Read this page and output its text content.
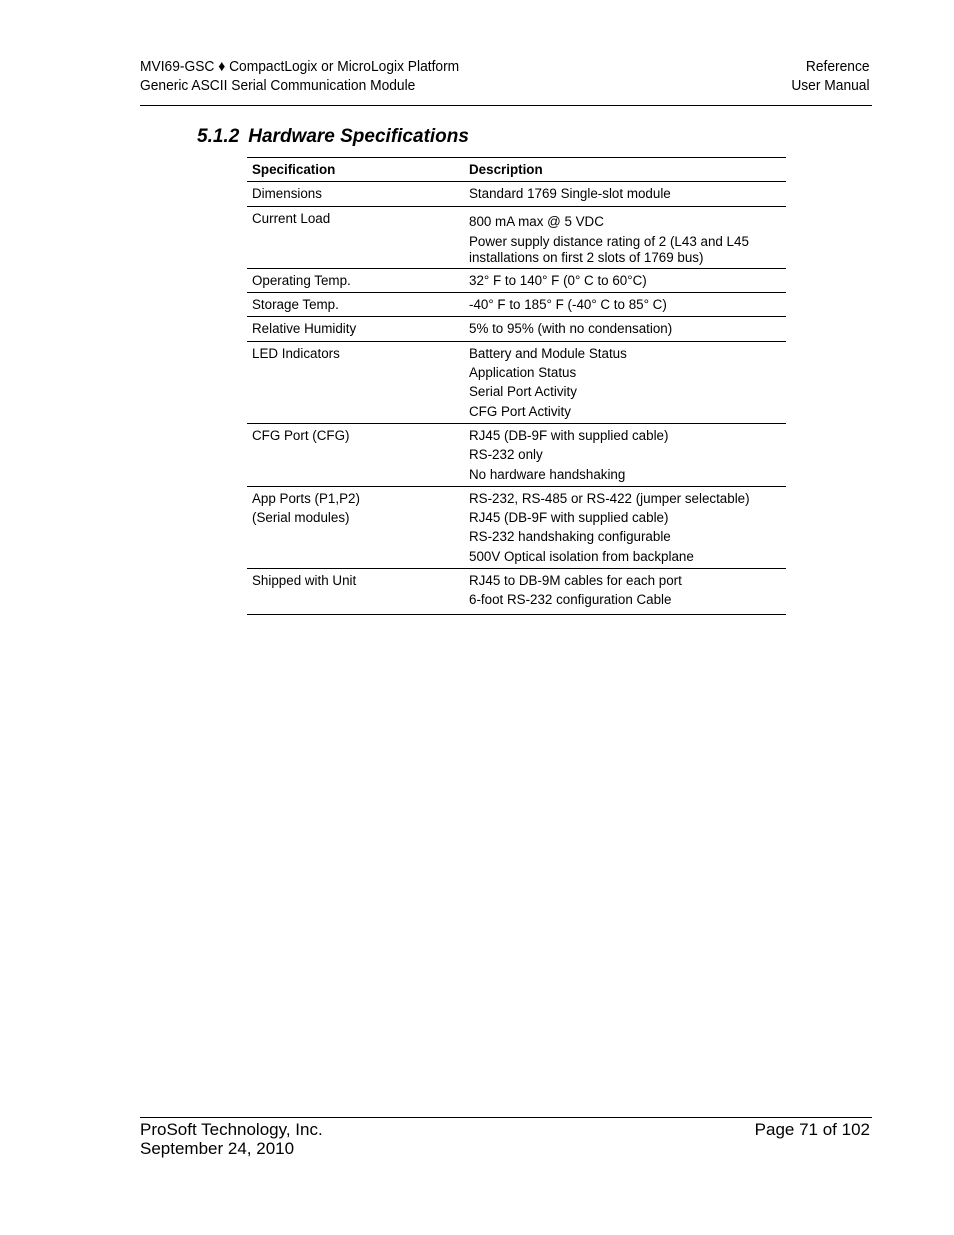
MVI69-GSC ♦ CompactLogix or MicroLogix Platform
Generic ASCII Serial Communication Module
Reference
User Manual
5.1.2 Hardware Specifications
Specification	Description

Dimensions	Standard 1769 Single-slot module

Current Load	800 mA max @ 5 VDC
Power supply distance rating of 2 (L43 and L45 installations on first 2 slots of 1769 bus)

Operating Temp.	32° F to 140° F (0° C to 60°C)

Storage Temp.	-40° F to 185° F (-40° C to 85° C)

Relative Humidity	5% to 95% (with no condensation)

LED Indicators	Battery and Module Status
Application Status
Serial Port Activity
CFG Port Activity

CFG Port (CFG)	RJ45 (DB-9F with supplied cable)
RS-232 only
No hardware handshaking

App Ports (P1,P2)
(Serial modules)	RS-232, RS-485 or RS-422 (jumper selectable)
RJ45 (DB-9F with supplied cable)
RS-232 handshaking configurable
500V Optical isolation from backplane

Shipped with Unit	RJ45 to DB-9M cables for each port
6-foot RS-232 configuration Cable
ProSoft Technology, Inc.
September 24, 2010
Page 71 of 102
